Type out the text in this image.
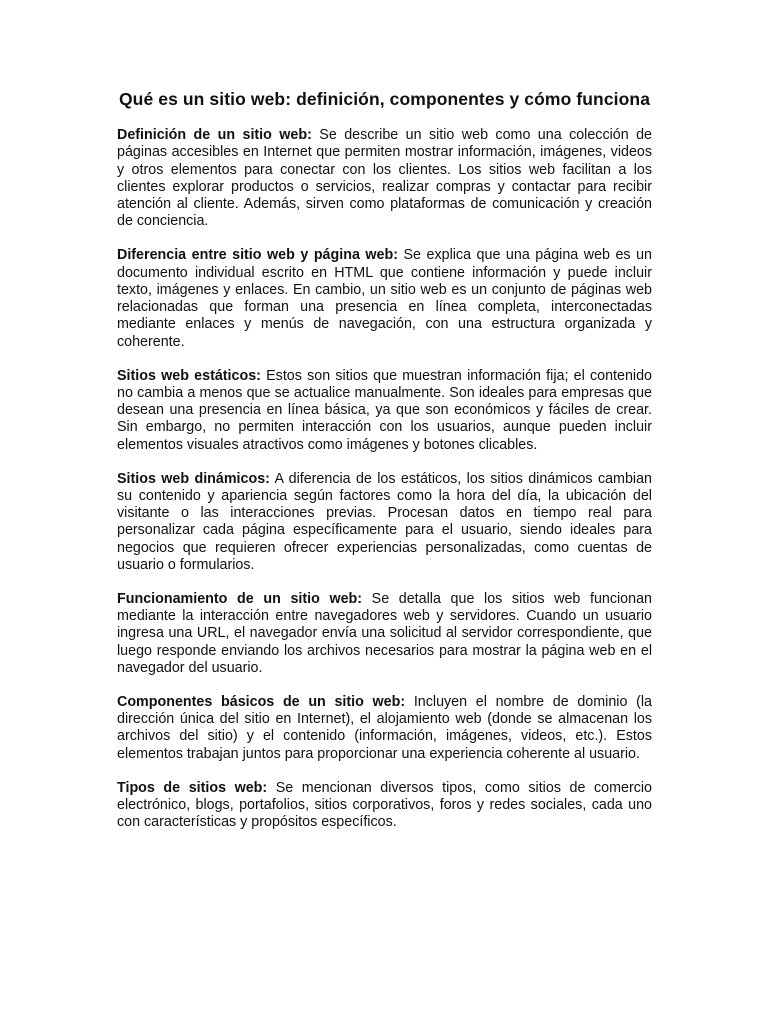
Qué es un sitio web: definición, componentes y cómo funciona

Definición de un sitio web: Se describe un sitio web como una colección de páginas accesibles en Internet que permiten mostrar información, imágenes, videos y otros elementos para conectar con los clientes. Los sitios web facilitan a los clientes explorar productos o servicios, realizar compras y contactar para recibir atención al cliente. Además, sirven como plataformas de comunicación y creación de conciencia.

Diferencia entre sitio web y página web: Se explica que una página web es un documento individual escrito en HTML que contiene información y puede incluir texto, imágenes y enlaces. En cambio, un sitio web es un conjunto de páginas web relacionadas que forman una presencia en línea completa, interconectadas mediante enlaces y menús de navegación, con una estructura organizada y coherente.

Sitios web estáticos: Estos son sitios que muestran información fija; el contenido no cambia a menos que se actualice manualmente. Son ideales para empresas que desean una presencia en línea básica, ya que son económicos y fáciles de crear. Sin embargo, no permiten interacción con los usuarios, aunque pueden incluir elementos visuales atractivos como imágenes y botones clicables.

Sitios web dinámicos: A diferencia de los estáticos, los sitios dinámicos cambian su contenido y apariencia según factores como la hora del día, la ubicación del visitante o las interacciones previas. Procesan datos en tiempo real para personalizar cada página específicamente para el usuario, siendo ideales para negocios que requieren ofrecer experiencias personalizadas, como cuentas de usuario o formularios.

Funcionamiento de un sitio web: Se detalla que los sitios web funcionan mediante la interacción entre navegadores web y servidores. Cuando un usuario ingresa una URL, el navegador envía una solicitud al servidor correspondiente, que luego responde enviando los archivos necesarios para mostrar la página web en el navegador del usuario.

Componentes básicos de un sitio web: Incluyen el nombre de dominio (la dirección única del sitio en Internet), el alojamiento web (donde se almacenan los archivos del sitio) y el contenido (información, imágenes, videos, etc.). Estos elementos trabajan juntos para proporcionar una experiencia coherente al usuario.

Tipos de sitios web: Se mencionan diversos tipos, como sitios de comercio electrónico, blogs, portafolios, sitios corporativos, foros y redes sociales, cada uno con características y propósitos específicos.
